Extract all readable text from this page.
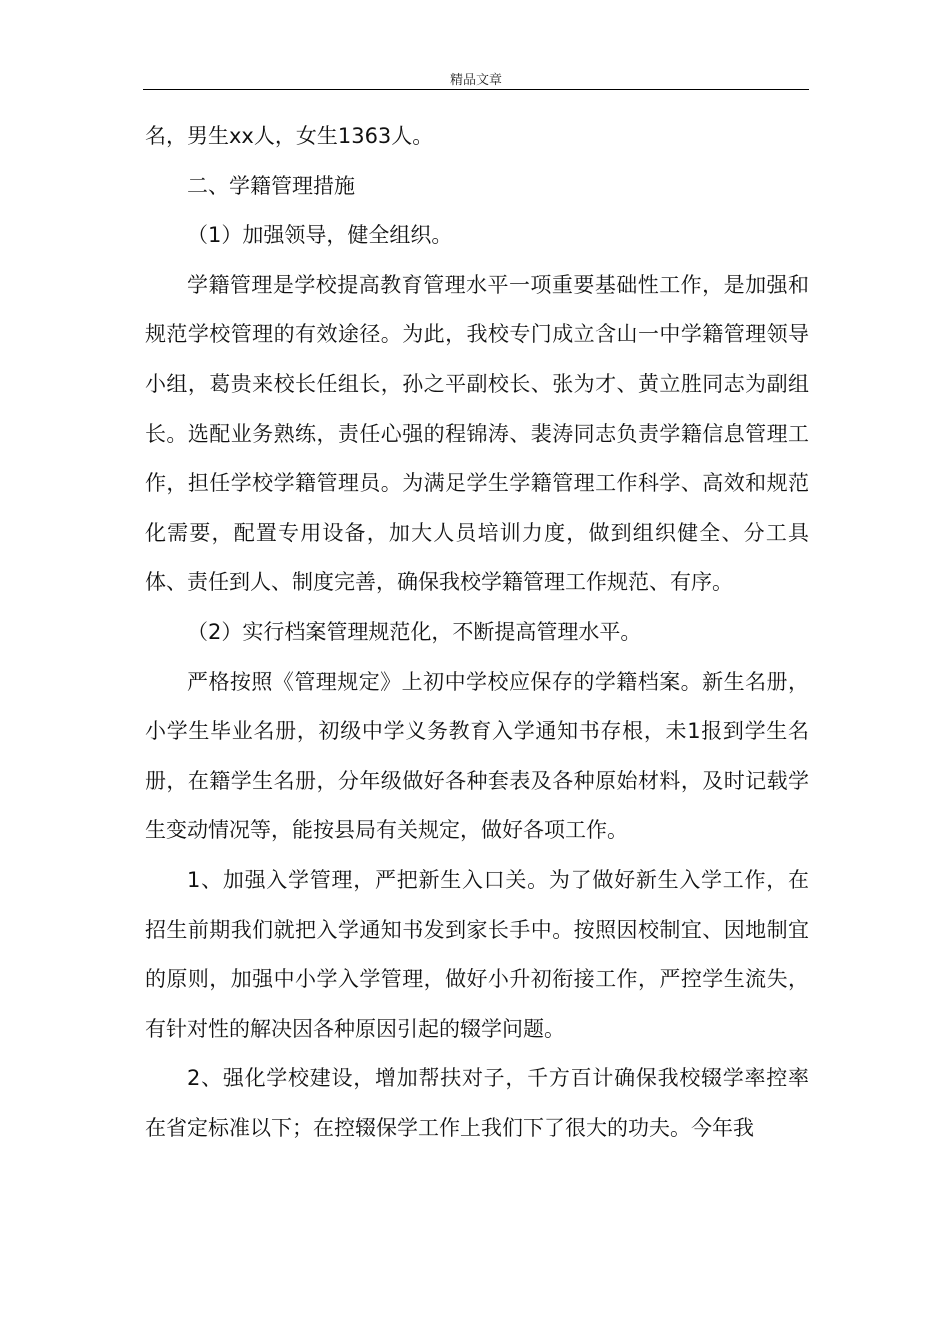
精品文章

名，男生xx人，女生1363人。

二、学籍管理措施

（1）加强领导，健全组织。

学籍管理是学校提高教育管理水平一项重要基础性工作，是加强和规范学校管理的有效途径。为此，我校专门成立含山一中学籍管理领导小组，葛贵来校长任组长，孙之平副校长、张为才、黄立胜同志为副组长。选配业务熟练，责任心强的程锦涛、裴涛同志负责学籍信息管理工作，担任学校学籍管理员。为满足学生学籍管理工作科学、高效和规范化需要，配置专用设备，加大人员培训力度，做到组织健全、分工具体、责任到人、制度完善，确保我校学籍管理工作规范、有序。

（2）实行档案管理规范化，不断提高管理水平。

严格按照《管理规定》上初中学校应保存的学籍档案。新生名册，小学生毕业名册，初级中学义务教育入学通知书存根，未1报到学生名册，在籍学生名册，分年级做好各种套表及各种原始材料，及时记载学生变动情况等，能按县局有关规定，做好各项工作。

1、加强入学管理，严把新生入口关。为了做好新生入学工作，在招生前期我们就把入学通知书发到家长手中。按照因校制宜、因地制宜的原则，加强中小学入学管理，做好小升初衔接工作，严控学生流失，有针对性的解决因各种原因引起的辍学问题。

2、强化学校建设，增加帮扶对子，千方百计确保我校辍学率控率在省定标准以下；在控辍保学工作上我们下了很大的功夫。今年我
